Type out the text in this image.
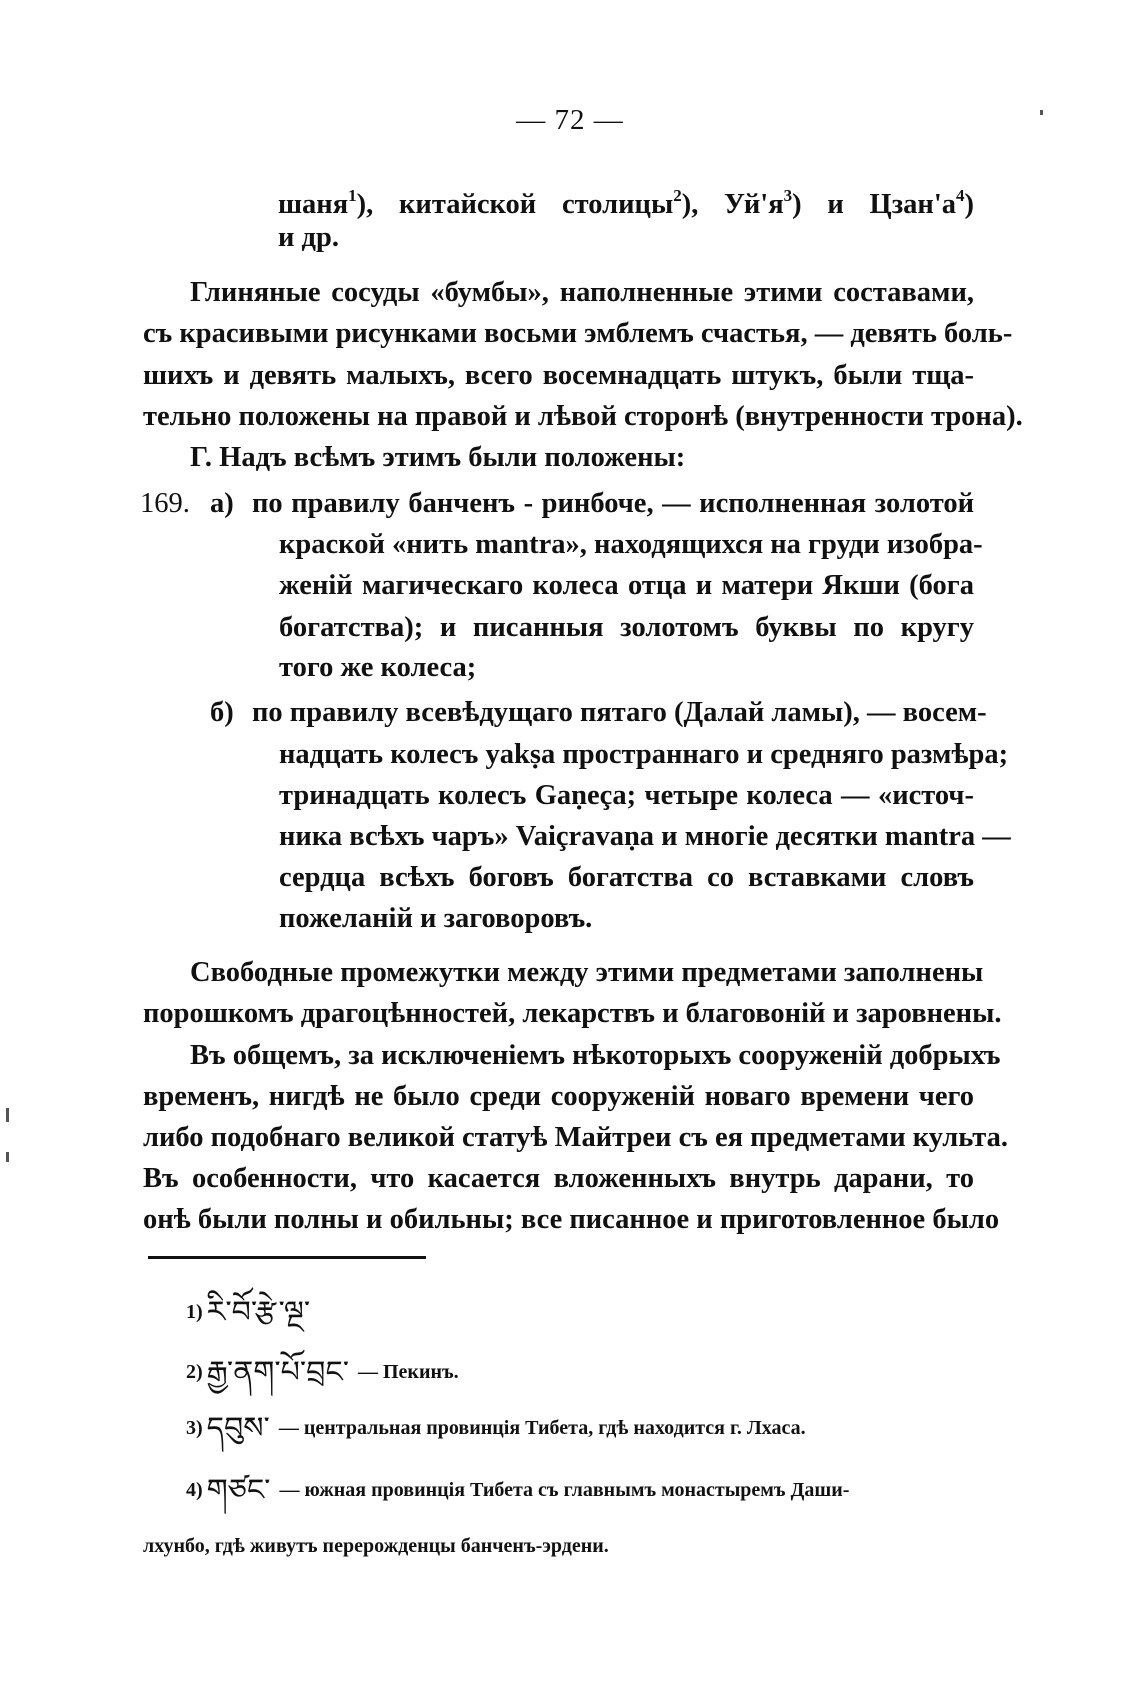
— 72 —
шаня$^1$), китайской столицы$^2$), $Уй'я^3$) и $Цзан'а^4$)
и др.
Глиняные сосуды «бумбы», наполненные этими составами,
съ красивыми рисунками восьми эмблемъ счастья, — девять боль-
шихъ и девять малыхъ, всего восемнадцать штукъ, были тща-
тельно положены на правой и лѣвой сторонѣ (внутренности трона).
Г. Надъ всѣмъ этимъ были положены:
169. а) по правилу банченъ - ринбоче, — исполненная золотой
краской «нить mantra», находящихся на груди изобра-
женій магическаго колеса отца и матери Якши (бога
богатства); и писанныя золотомъ буквы по кругу
того же колеса;
б) по правилу всевѣдущаго пятаго (Далай ламы), — восем-
надцать колесъ yakṣa пространнаго и средняго размѣра;
тринадцать колесъ Gaṇeça; четыре колеса — «источ-
ника всѣхъ чаръ» Vaiçravaṇa и многіе десятки mantra —
сердца всѣхъ боговъ богатства со вставками словъ
пожеланій и заговоровъ.
Свободные промежутки между этими предметами заполнены
порошкомъ драгоцѣнностей, лекарствъ и благовоній и заровнены.
Въ общемъ, за исключеніемъ нѣкоторыхъ сооруженій добрыхъ
временъ, нигдѣ не было среди сооруженій новаго времени чего
либо подобнаго великой статуѣ Майтреи съ ея предметами культа.
Въ особенности, что касается вложенныхъ внутрь дарани, то
онѣ были полны и обильны; все писанное и приготовленное было
1) རི་བོ་རྩེ་ལྔ་
2) རྒྱ་ནག་པོ་བྲང་ — Пекинъ.
3) དབུས་ — центральная провинція Тибета, гдѣ находится г. Лхаса.
4) གཙང་ — южная провинція Тибета съ главнымъ монастыремъ Даши-
лхунбо, гдѣ живутъ перерожденцы банченъ-эрдени.
